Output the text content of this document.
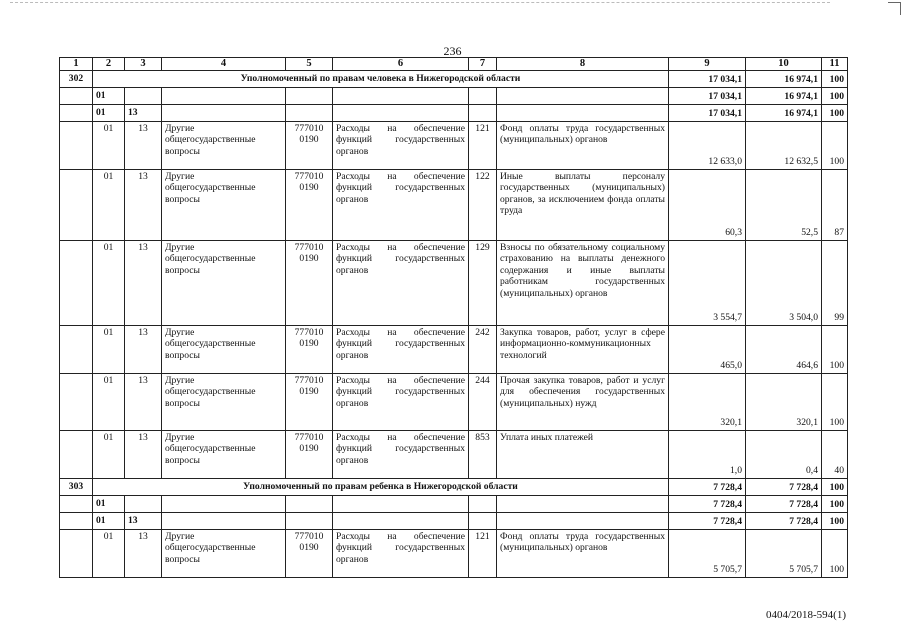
236
1	2	3	4	5	6	7	8	9	10	11
302	Уполномоченный по правам человека в Нижегородской области							17 034,1	16 974,1	100
	01							17 034,1	16 974,1	100
	01	13						17 034,1	16 974,1	100
	01	13	Другие общегосударственные вопросы	777010 0190	Расходы на обеспечение функций государственных органов	121	Фонд оплаты труда государственных (муниципальных) органов	12 633,0	12 632,5	100
	01	13	Другие общегосударственные вопросы	777010 0190	Расходы на обеспечение функций государственных органов	122	Иные выплаты персоналу государственных (муниципальных) органов, за исключением фонда оплаты труда	60,3	52,5	87
	01	13	Другие общегосударственные вопросы	777010 0190	Расходы на обеспечение функций государственных органов	129	Взносы по обязательному социальному страхованию на выплаты денежного содержания и иные выплаты работникам государственных (муниципальных) органов	3 554,7	3 504,0	99
	01	13	Другие общегосударственные вопросы	777010 0190	Расходы на обеспечение функций государственных органов	242	Закупка товаров, работ, услуг в сфере информационно-коммуникационных технологий	465,0	464,6	100
	01	13	Другие общегосударственные вопросы	777010 0190	Расходы на обеспечение функций государственных органов	244	Прочая закупка товаров, работ и услуг для обеспечения государственных (муниципальных) нужд	320,1	320,1	100
	01	13	Другие общегосударственные вопросы	777010 0190	Расходы на обеспечение функций государственных органов	853	Уплата иных платежей	1,0	0,4	40
303	Уполномоченный по правам ребенка в Нижегородской области							7 728,4	7 728,4	100
	01							7 728,4	7 728,4	100
	01	13						7 728,4	7 728,4	100
	01	13	Другие общегосударственные вопросы	777010 0190	Расходы на обеспечение функций государственных органов	121	Фонд оплаты труда государственных (муниципальных) органов	5 705,7	5 705,7	100
0404/2018-594(1)
